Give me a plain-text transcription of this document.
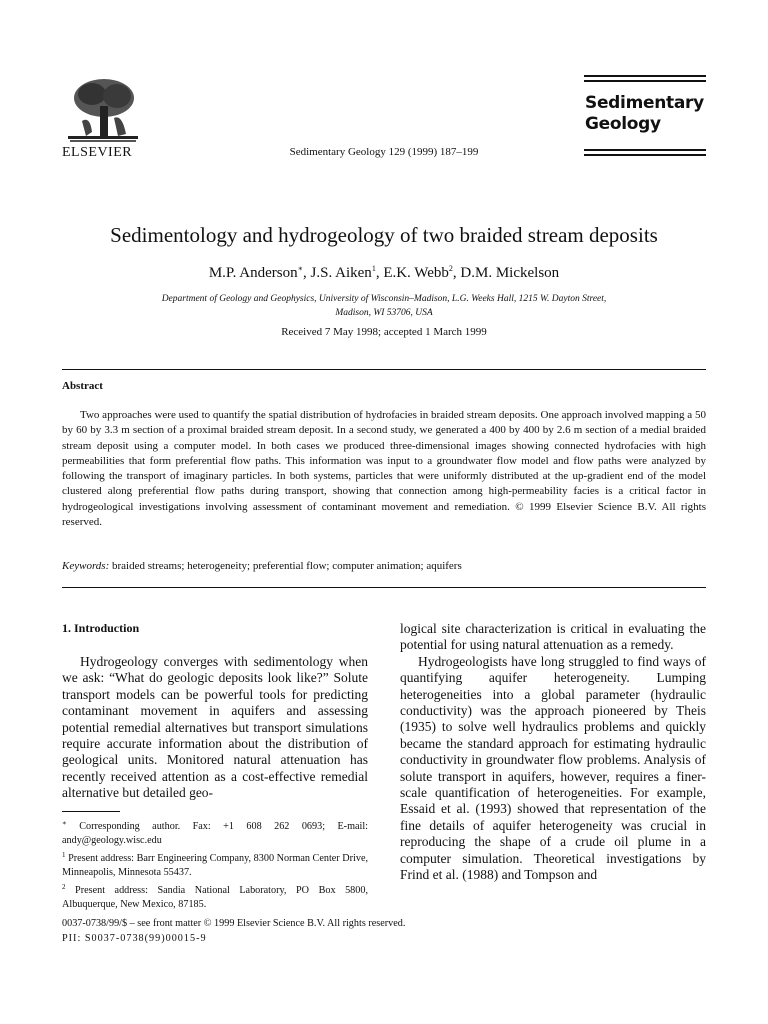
ELSEVIER	Sedimentary Geology 129 (1999) 187–199
Sedimentary
Geology
Sedimentology and hydrogeology of two braided stream deposits
M.P. Anderson∗, J.S. Aiken$^1$, E.K. Webb$^2$, D.M. Mickelson
Department of Geology and Geophysics, University of Wisconsin–Madison, L.G. Weeks Hall, 1215 W. Dayton Street,
Madison, WI 53706, USA
Received 7 May 1998; accepted 1 March 1999
Abstract

Two approaches were used to quantify the spatial distribution of hydrofacies in braided stream deposits. One approach involved mapping a 50 by 60 by 3.3 m section of a proximal braided stream deposit. In a second study, we generated a 400 by 400 by 2.6 m section of a medial braided stream deposit using a computer model. In both cases we produced three-dimensional images showing connected hydrofacies with high permeabilities that form preferential flow paths. This information was input to a groundwater flow model and flow paths were analyzed by following the transport of imaginary particles. In both systems, particles that were uniformly distributed at the up-gradient end of the model clustered along preferential flow paths during transport, showing that connection among high-permeability facies is a critical factor in hydrogeological investigations involving assessment of contaminant movement and remediation. © 1999 Elsevier Science B.V. All rights reserved.

Keywords: braided streams; heterogeneity; preferential flow; computer animation; aquifers
1. Introduction

Hydrogeology converges with sedimentology when we ask: “What do geologic deposits look like?” Solute transport models can be powerful tools for predicting contaminant movement in aquifers and assessing potential remedial alternatives but transport simulations require accurate information about the distribution of geological units. Monitored natural attenuation has recently received attention as a cost-effective remedial alternative but detailed geo-

logical site characterization is critical in evaluating the potential for using natural attenuation as a remedy.

Hydrogeologists have long struggled to find ways of quantifying aquifer heterogeneity. Lumping heterogeneities into a global parameter (hydraulic conductivity) was the approach pioneered by Theis (1935) to solve well hydraulics problems and quickly became the standard approach for estimating hydraulic conductivity in groundwater flow problems. Analysis of solute transport in aquifers, however, requires a finer-scale quantification of heterogeneities. For example, Essaid et al. (1993) showed that representation of the fine details of aquifer heterogeneity was crucial in reproducing the shape of a crude oil plume in a computer simulation. Theoretical investigations by Frind et al. (1988) and Tompson and

∗ Corresponding author. Fax: +1 608 262 0693; E-mail: andy@geology.wisc.edu

$^1$ Present address: Barr Engineering Company, 8300 Norman Center Drive, Minneapolis, Minnesota 55437.

$^2$ Present address: Sandia National Laboratory, PO Box 5800, Albuquerque, New Mexico, 87185.

0037-0738/99/$ – see front matter © 1999 Elsevier Science B.V. All rights reserved.
PII: S0037-0738(99)00015-9
